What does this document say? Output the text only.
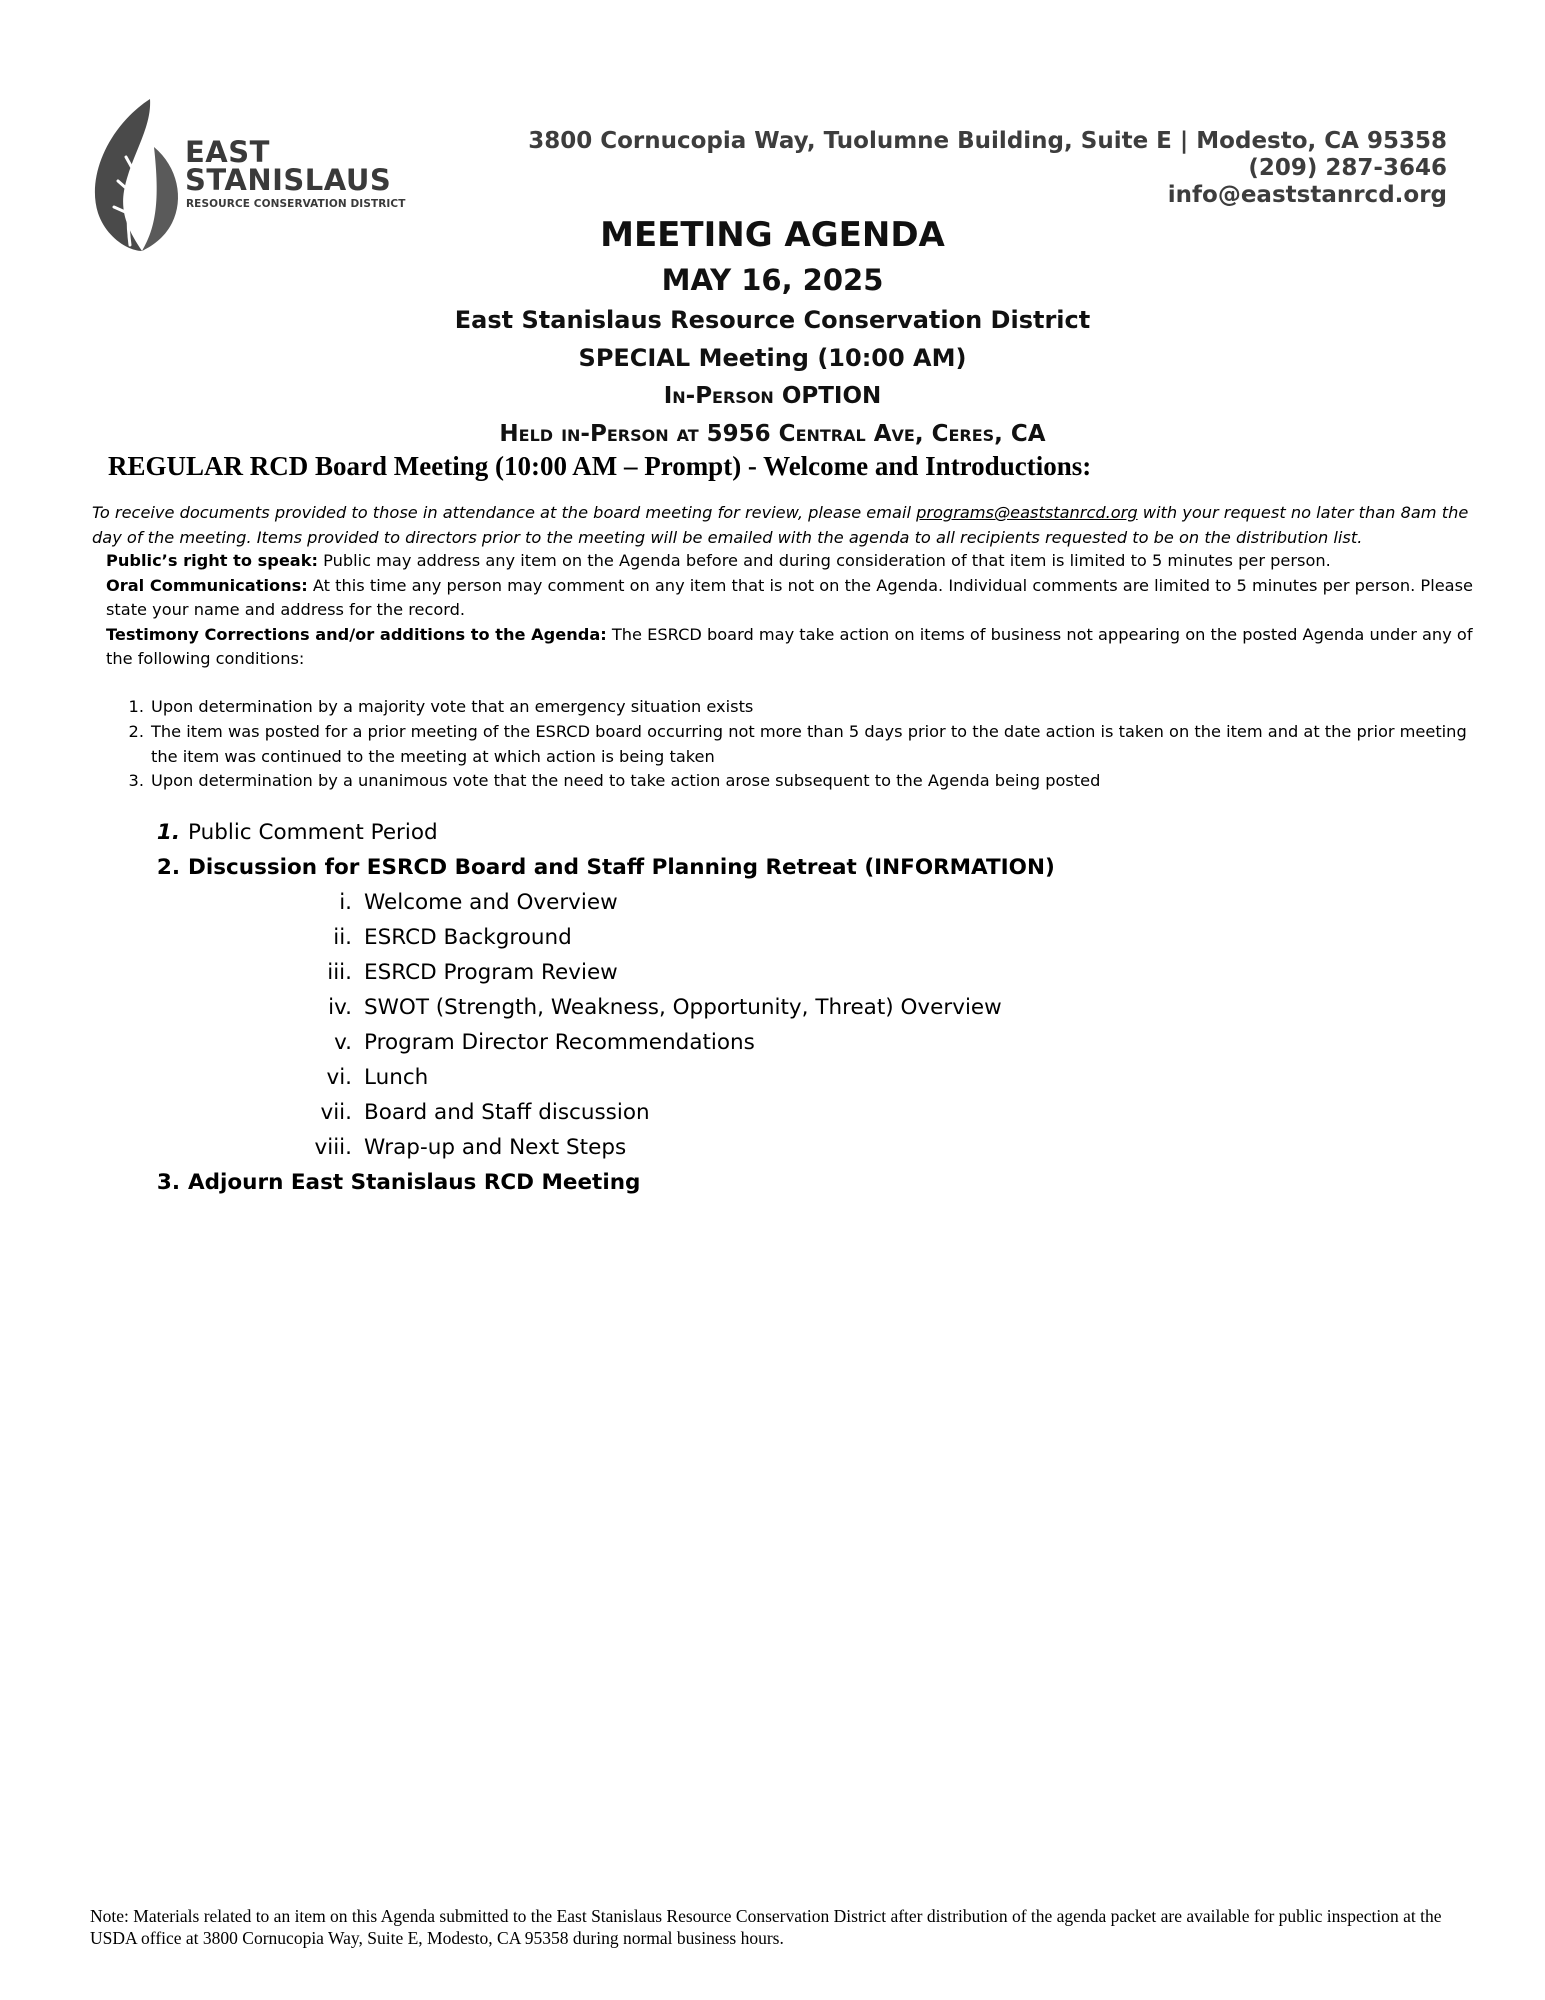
EAST
STANISLAUS
RESOURCE CONSERVATION DISTRICT
3800 Cornucopia Way, Tuolumne Building, Suite E | Modesto, CA 95358
(209) 287-3646
info@eaststanrcd.org
MEETING AGENDA
MAY 16, 2025
East Stanislaus Resource Conservation District
SPECIAL Meeting (10:00 AM)
In-Person OPTION
Held in-Person at 5956 Central Ave, Ceres, CA
REGULAR RCD Board Meeting (10:00 AM – Prompt) - Welcome and Introductions:
To receive documents provided to those in attendance at the board meeting for review, please email programs@eaststanrcd.org with your request no later than 8am the day of the meeting. Items provided to directors prior to the meeting will be emailed with the agenda to all recipients requested to be on the distribution list.

Public’s right to speak: Public may address any item on the Agenda before and during consideration of that item is limited to 5 minutes per person.

Oral Communications: At this time any person may comment on any item that is not on the Agenda. Individual comments are limited to 5 minutes per person. Please state your name and address for the record.

Testimony Corrections and/or additions to the Agenda: The ESRCD board may take action on items of business not appearing on the posted Agenda under any of the following conditions:

1. Upon determination by a majority vote that an emergency situation exists
2. The item was posted for a prior meeting of the ESRCD board occurring not more than 5 days prior to the date action is taken on the item and at the prior meeting the item was continued to the meeting at which action is being taken
3. Upon determination by a unanimous vote that the need to take action arose subsequent to the Agenda being posted
1. Public Comment Period
2. Discussion for ESRCD Board and Staff Planning Retreat (INFORMATION)
i. Welcome and Overview
ii. ESRCD Background
iii. ESRCD Program Review
iv. SWOT (Strength, Weakness, Opportunity, Threat) Overview
v. Program Director Recommendations
vi. Lunch
vii. Board and Staff discussion
viii. Wrap-up and Next Steps
3. Adjourn East Stanislaus RCD Meeting
Note: Materials related to an item on this Agenda submitted to the East Stanislaus Resource Conservation District after distribution of the agenda packet are available for public inspection at the USDA office at 3800 Cornucopia Way, Suite E, Modesto, CA 95358 during normal business hours.
